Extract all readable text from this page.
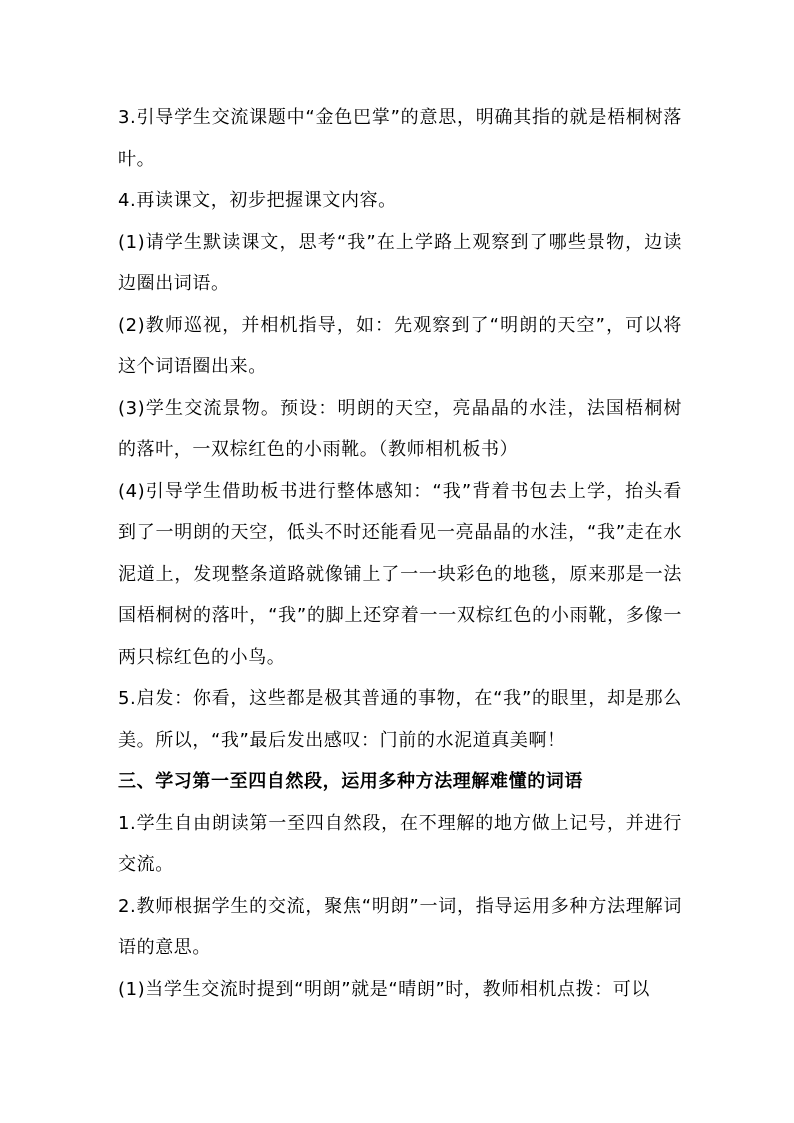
3.引导学生交流课题中“金色巴掌”的意思，明确其指的就是梧桐树落叶。

4.再读课文，初步把握课文内容。

(1)请学生默读课文，思考“我”在上学路上观察到了哪些景物，边读边圈出词语。

(2)教师巡视，并相机指导，如：先观察到了“明朗的天空”，可以将这个词语圈出来。

(3)学生交流景物。预设：明朗的天空，亮晶晶的水洼，法国梧桐树的落叶，一双棕红色的小雨靴。（教师相机板书）

(4)引导学生借助板书进行整体感知：“我”背着书包去上学，抬头看到了一明朗的天空，低头不时还能看见一亮晶晶的水洼，“我”走在水泥道上，发现整条道路就像铺上了一一块彩色的地毯，原来那是一法国梧桐树的落叶，“我”的脚上还穿着一一双棕红色的小雨靴，多像一两只棕红色的小鸟。

5.启发：你看，这些都是极其普通的事物，在“我”的眼里，却是那么美。所以，“我”最后发出感叹：门前的水泥道真美啊！

三、学习第一至四自然段，运用多种方法理解难懂的词语

1.学生自由朗读第一至四自然段，在不理解的地方做上记号，并进行交流。

2.教师根据学生的交流，聚焦“明朗”一词，指导运用多种方法理解词语的意思。

(1)当学生交流时提到“明朗”就是“晴朗”时，教师相机点拨：可以
